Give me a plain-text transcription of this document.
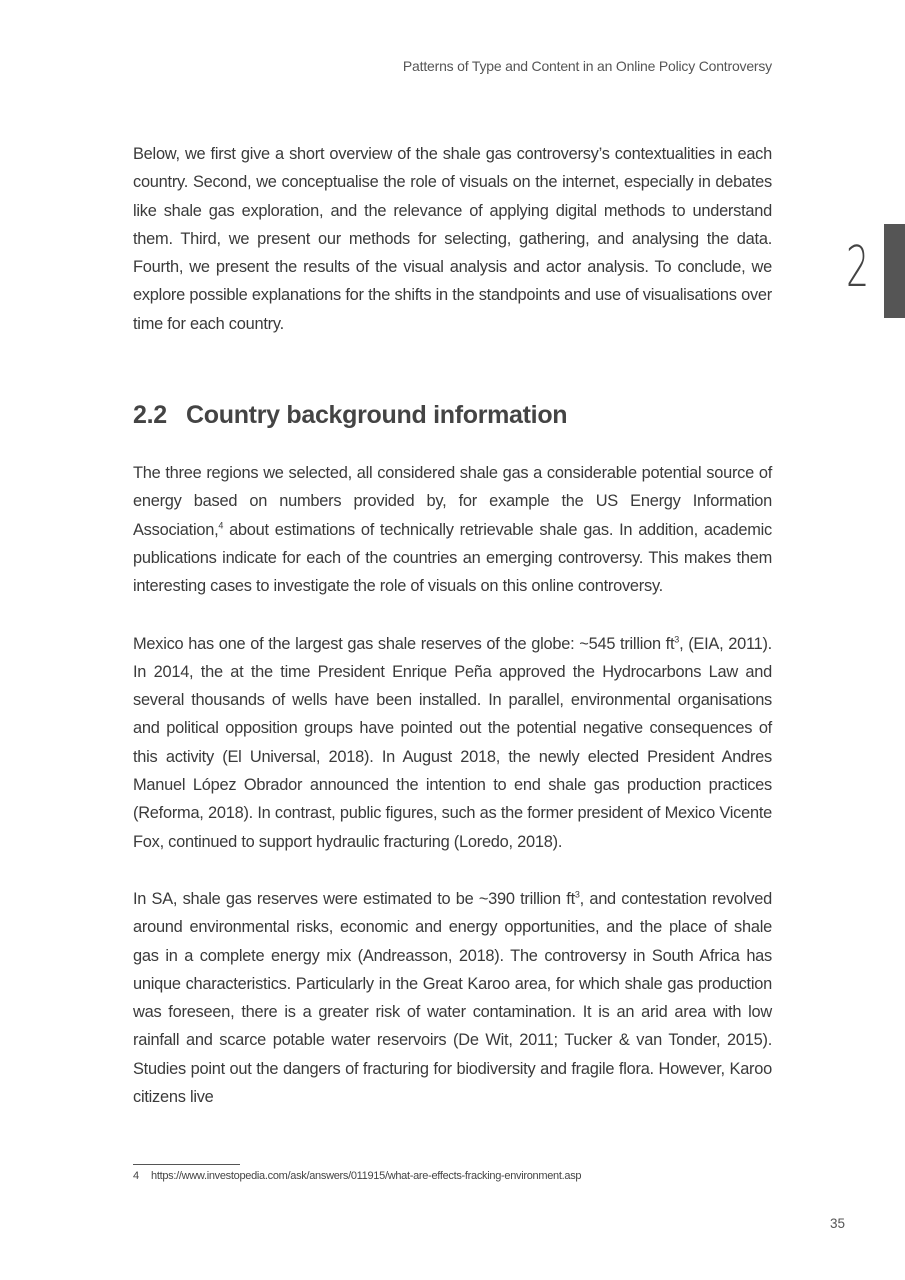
Patterns of Type and Content in an Online Policy Controversy
2

Below, we first give a short overview of the shale gas controversy’s contextualities in each country. Second, we conceptualise the role of visuals on the internet, especially in debates like shale gas exploration, and the relevance of applying digital methods to understand them. Third, we present our methods for selecting, gathering, and analysing the data. Fourth, we present the results of the visual analysis and actor analysis. To conclude, we explore possible explanations for the shifts in the standpoints and use of visualisations over time for each country.

2.2 Country background information

The three regions we selected, all considered shale gas a considerable potential source of energy based on numbers provided by, for example the US Energy Information Association,$^4$ about estimations of technically retrievable shale gas. In addition, academic publications indicate for each of the countries an emerging controversy. This makes them interesting cases to investigate the role of visuals on this online controversy.

Mexico has one of the largest gas shale reserves of the globe: ~545 trillion $ft^3$, (EIA, 2011). In 2014, the at the time President Enrique Peña approved the Hydrocarbons Law and several thousands of wells have been installed. In parallel, environmental organisations and political opposition groups have pointed out the potential negative consequences of this activity (El Universal, 2018). In August 2018, the newly elected President Andres Manuel López Obrador announced the intention to end shale gas production practices (Reforma, 2018). In contrast, public figures, such as the former president of Mexico Vicente Fox, continued to support hydraulic fracturing (Loredo, 2018).

In SA, shale gas reserves were estimated to be ~390 trillion $ft^3$, and contestation revolved around environmental risks, economic and energy opportunities, and the place of shale gas in a complete energy mix (Andreasson, 2018). The controversy in South Africa has unique characteristics. Particularly in the Great Karoo area, for which shale gas production was foreseen, there is a greater risk of water contamination. It is an arid area with low rainfall and scarce potable water reservoirs (De Wit, 2011; Tucker & van Tonder, 2015). Studies point out the dangers of fracturing for biodiversity and fragile flora. However, Karoo citizens live

4 https://www.investopedia.com/ask/answers/011915/what-are-effects-fracking-environment.asp
35
